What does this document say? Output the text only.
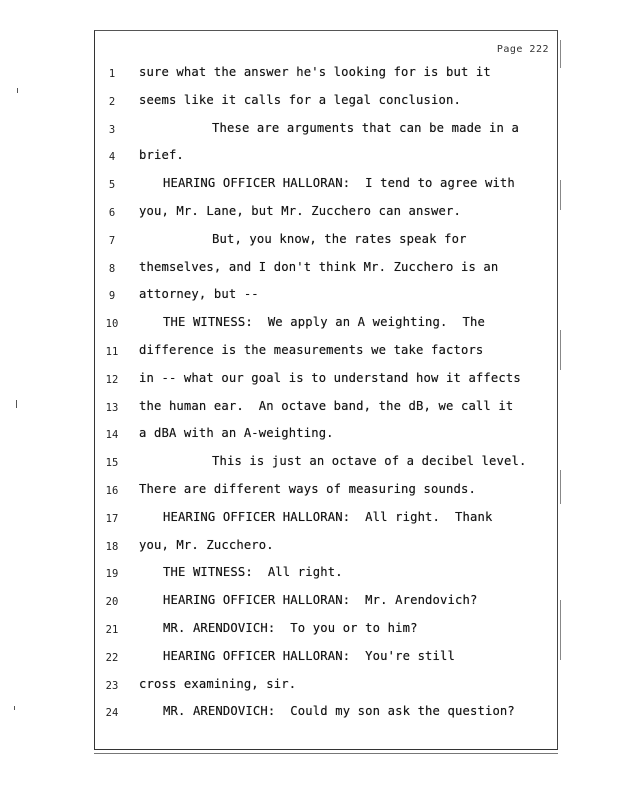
Page 222
1	sure what the answer he's looking for is but it
2	seems like it calls for a legal conclusion.
3	These are arguments that can be made in a
4	brief.
5	HEARING OFFICER HALLORAN:  I tend to agree with
6	you, Mr. Lane, but Mr. Zucchero can answer.
7	But, you know, the rates speak for
8	themselves, and I don't think Mr. Zucchero is an
9	attorney, but --
10	THE WITNESS:  We apply an A weighting.  The
11	difference is the measurements we take factors
12	in -- what our goal is to understand how it affects
13	the human ear.  An octave band, the dB, we call it
14	a dBA with an A-weighting.
15	This is just an octave of a decibel level.
16	There are different ways of measuring sounds.
17	HEARING OFFICER HALLORAN:  All right.  Thank
18	you, Mr. Zucchero.
19	THE WITNESS:  All right.
20	HEARING OFFICER HALLORAN:  Mr. Arendovich?
21	MR. ARENDOVICH:  To you or to him?
22	HEARING OFFICER HALLORAN:  You're still
23	cross examining, sir.
24	MR. ARENDOVICH:  Could my son ask the question?
